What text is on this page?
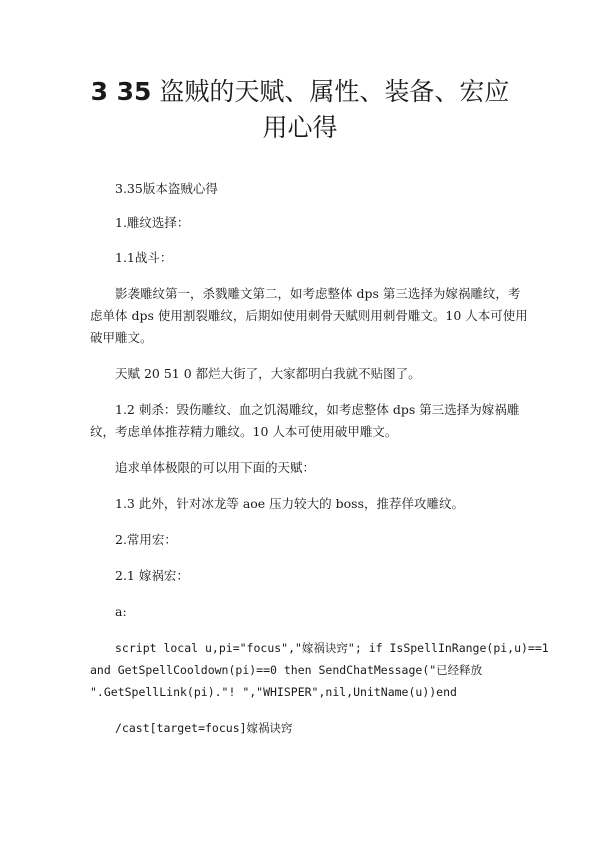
3 35 盗贼的天赋、属性、装备、宏应
用心得

3.35版本盗贼心得

1.雕纹选择：

1.1战斗：

影袭雕纹第一，杀戮雕文第二，如考虑整体 dps 第三选择为嫁祸雕纹，考

虑单体 dps 使用割裂雕纹，后期如使用刺骨天赋则用刺骨雕文。10 人本可使用

破甲雕文。

天赋 20 51 0 都烂大街了，大家都明白我就不贴图了。

1.2 刺杀：毁伤雕纹、血之饥渴雕纹，如考虑整体 dps 第三选择为嫁祸雕

纹，考虑单体推荐精力雕纹。10 人本可使用破甲雕文。

追求单体极限的可以用下面的天赋：

1.3 此外，针对冰龙等 aoe 压力较大的 boss，推荐佯攻雕纹。

2.常用宏：

2.1 嫁祸宏：

a:

script local u,pi="focus","嫁祸诀窍"; if IsSpellInRange(pi,u)==1

and GetSpellCooldown(pi)==0 then SendChatMessage("已经释放

".GetSpellLink(pi)."! ","WHISPER",nil,UnitName(u))end

/cast[target=focus]嫁祸诀窍
